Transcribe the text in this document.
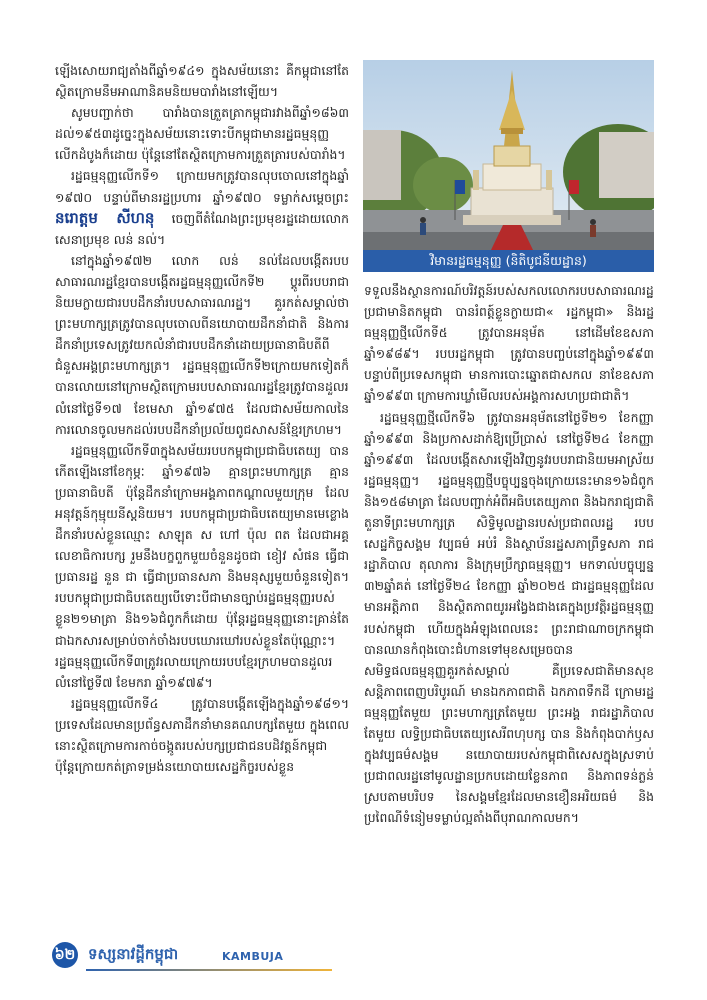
ឡើងសោយរាជ្យតាំងពីឆ្នាំ១៩៤១ ក្នុងសម័យនោះ គឺកម្ពុជានៅតែស្ថិតក្រោមនឹមអាណានិគមនិយមបារាំងនៅឡើយ។

សូមបញ្ជាក់ថា បារាំងបានត្រួតត្រាកម្ពុជារវាងពីឆ្នាំ១៨៦៣ ដល់១៩៥៣ដូច្នេះក្នុងសម័យនោះទោះបីកម្ពុជាមានរដ្ឋធម្មនុញ្ញលើកដំបូងក៏ដោយ ប៉ុន្តែនៅតែស្ថិតក្រោមការត្រួតត្រារបស់បារាំង។

រដ្ឋធម្មនុញ្ញលើកទី១ ក្រោយមកត្រូវបានលុបចោលនៅក្នុងឆ្នាំ ១៩៧០ បន្ទាប់ពីមានរដ្ឋប្រហារ ឆ្នាំ១៩៧០ ទម្លាក់សម្តេចព្រះនរោត្តម សីហនុ ចេញពីតំណែងព្រះប្រមុខរដ្ឋដោយលោកសេនាប្រមុខ លន់ នល់។

នៅក្នុងឆ្នាំ១៩៧២ លោក លន់ នល់ដែលបង្កើតរបបសាធារណរដ្ឋខ្មែរបានបង្កើតរដ្ឋធម្មនុញ្ញលើកទី២ ប្តូរពីរបបរាជានិយមក្លាយជារបបដឹកនាំរបបសាធារណរដ្ឋ។ គួរកត់សម្គាល់ថាព្រះមហាក្សត្រត្រូវបានលុបចោលពីនយោបាយដឹកនាំជាតិ និងការដឹកនាំប្រទេសត្រូវយកលំនាំជារបបដឹកនាំដោយប្រធានាធិបតីពីជំនួសអង្គព្រះមហាក្សត្រ។ រដ្ឋធម្មនុញ្ញលើកទី២ក្រោយមកទៀតក៏បានលោយនៅក្រោមស្ថិតក្រោមរបបសាធារណរដ្ឋខ្មែរត្រូវបានដួលរលំនៅថ្ងៃទី១៧ ខែមេសា ឆ្នាំ១៩៧៥ ដែលជាសម័យកាលនៃការលោនចូលមកដល់របបដឹកនាំប្រល័យពូជសាសន៍ខ្មែរក្រហម។

រដ្ឋធម្មនុញ្ញលើកទី៣ក្នុងសម័យរបបកម្ពុជាប្រជាធិបតេយ្យ បានកើតឡើងនៅខែកុម្ភៈ ឆ្នាំ១៩៧៦ គ្មានព្រះមហាក្សត្រ គ្មានប្រធានាធិបតី ប៉ុន្តែដឹកនាំក្រោមអង្គភាពកណ្តាលមួយក្រុម ដែលអនុវត្តន៍កុម្មុយនីស្តនិយម។ របបកម្ពុជាប្រជាធិបតេយ្យមានមេខ្លោងដឹកនាំរបស់ខ្លួនឈ្មោះ សាឡុត ស ហៅ ប៉ុល ពត ដែលជាអគ្គលេខាធិការបក្ស រួមនឹងបក្ខពួកមួយចំនួនដូចជា ខៀវ សំផន ធ្វើជាប្រធានរដ្ឋ នួន ជា ធ្វើជាប្រធានសភា និងមនុស្សមួយចំនួនទៀត។ របបកម្ពុជាប្រជាធិបតេយ្យបើទោះបីជាមានច្បាប់រដ្ឋធម្មនុញ្ញរបស់ខ្លួន២១មាត្រា និង១៦ជំពូកក៏ដោយ ប៉ុន្តែរដ្ឋធម្មនុញ្ញនោះគ្រាន់តែជាឯកសារសម្រាប់ចាក់ចាំងរបបឃោរឃៅរបស់ខ្លួនតែប៉ុណ្ណោះ។ រដ្ឋធម្មនុញ្ញលើកទី៣ត្រូវរលាយក្រោយរបបខ្មែរក្រហមបានដួលរលំនៅថ្ងៃទី៧ ខែមករា ឆ្នាំ១៩៧៩។

រដ្ឋធម្មនុញ្ញលើកទី៤ ត្រូវបានបង្កើតឡើងក្នុងឆ្នាំ១៩៨១។ ប្រទេសដែលមានប្រព័ន្ធសភាដឹកនាំមានគណបក្សតែមួយ ក្នុងពេលនោះស្ថិតក្រោមការកាច់ចង្កូតរបស់បក្សប្រជាជនបដិវត្តន៍កម្ពុជា ប៉ុន្តែក្រោយកត់ត្រាទម្រង់នយោបាយសេដ្ឋកិច្ចរបស់ខ្លួន

វិមានរដ្ឋធម្មនុញ្ញ (និតិបូជនីយដ្ឋាន)

ទទួលនឹងស្ថានការណ៍បរិវត្តន៍របស់សកលលោករបបសាធារណរដ្ឋប្រជាមានិតកម្ពុជា បានរំពត្ត៍ខ្លួនក្លាយជា« រដ្ឋកម្ពុជា» និងរដ្ឋធម្មនុញ្ញថ្មីលើកទី៥ ត្រូវបានអនុម័ត នៅដើមខែឧសភា ឆ្នាំ១៩៨៩។ របបរដ្ឋកម្ពុជា ត្រូវបានបញ្ចប់នៅក្នុងឆ្នាំ១៩៩៣ បន្ទាប់ពីប្រទេសកម្ពុជា មានការបោះឆ្នោតជាសកល នាខែឧសភាឆ្នាំ១៩៩៣ ក្រោមការឃ្លាំមើលរបស់អង្គការសហប្រជាជាតិ។

រដ្ឋធម្មនុញ្ញថ្មីលើកទី៦ ត្រូវបានអនុម័តនៅថ្ងៃទី២១ ខែកញ្ញាឆ្នាំ១៩៩៣ និងប្រកាសដាក់ឱ្យប្រើប្រាស់ នៅថ្ងៃទី២៤ ខែកញ្ញាឆ្នាំ១៩៩៣ ដែលបង្កើតសារឡើងវិញនូវរបបរាជានិយមអាស្រ័យរដ្ឋធម្មនុញ្ញ។ រដ្ឋធម្មនុញ្ញថ្មីបច្ចុប្បន្នចុងក្រោយនេះមាន១៦ជំពូក និង១៥៨មាត្រា ដែលបញ្ជាក់អំពីអធិបតេយ្យភាព និងឯករាជ្យជាតិ តួនាទីព្រះមហាក្សត្រ សិទ្ធិមូលដ្ឋានរបស់ប្រជាពលរដ្ឋ របបសេដ្ឋកិច្ចសង្គម វប្បធម៌ អប់រំ និងស្ថាប័នរដ្ឋសភាព្រឹទ្ធសភា រាជរដ្ឋាភិបាល តុលាការ និងក្រុមប្រឹក្សាធម្មនុញ្ញ។ មកទាល់បច្ចុប្បន្ន ៣២ឆ្នាំគត់ នៅថ្ងៃទី២៤ ខែកញ្ញា ឆ្នាំ២០២៥ ជារដ្ឋធម្មនុញ្ញដែលមានអត្តិភាព និងស្ថិតភាពយូរអង្វែងជាងគេក្នុងប្រវត្តិរដ្ឋធម្មនុញ្ញរបស់កម្ពុជា ហើយក្នុងអំឡុងពេលនេះ ព្រះរាជាណាចក្រកម្ពុជាបានឈានកំពុងបោះជំហានទៅមុខសម្រេចបានសមិទ្ធផលធម្មនុញ្ញគួរកត់សម្គាល់ គឺប្រទេសជាតិមានសុខសន្តិភាពពេញបរិបូរណ៍ មានឯកភាពជាតិ ឯកភាពទឹកដី ក្រោមរដ្ឋធម្មនុញ្ញតែមួយ ព្រះមហាក្សត្រតែមួយ ព្រះអង្គ រាជរដ្ឋាភិបាលតែមួយ លទ្ធិប្រជាធិបតេយ្យសេរីពហុបក្ស បាន និងកំពុងបាក់ឫសក្នុងវប្បធម៌សង្គម នយោបាយរបស់កម្ពុជាពិសេសក្នុងស្រទាប់ប្រជាពលរដ្ឋនៅមូលដ្ឋានប្រកបដោយខ្លែនភាព និងភាពទន់ភ្លន់ ស្របតាមបរិបទ នៃសង្គមខ្មែរដែលមានខឿនអរិយធម៌ និងប្រពៃណីទំនៀមទម្លាប់ល្អតាំងពីបុរាណកាលមក។

៦២ ទស្សនាវដ្តីកម្ពុជា	KAMBUJA
